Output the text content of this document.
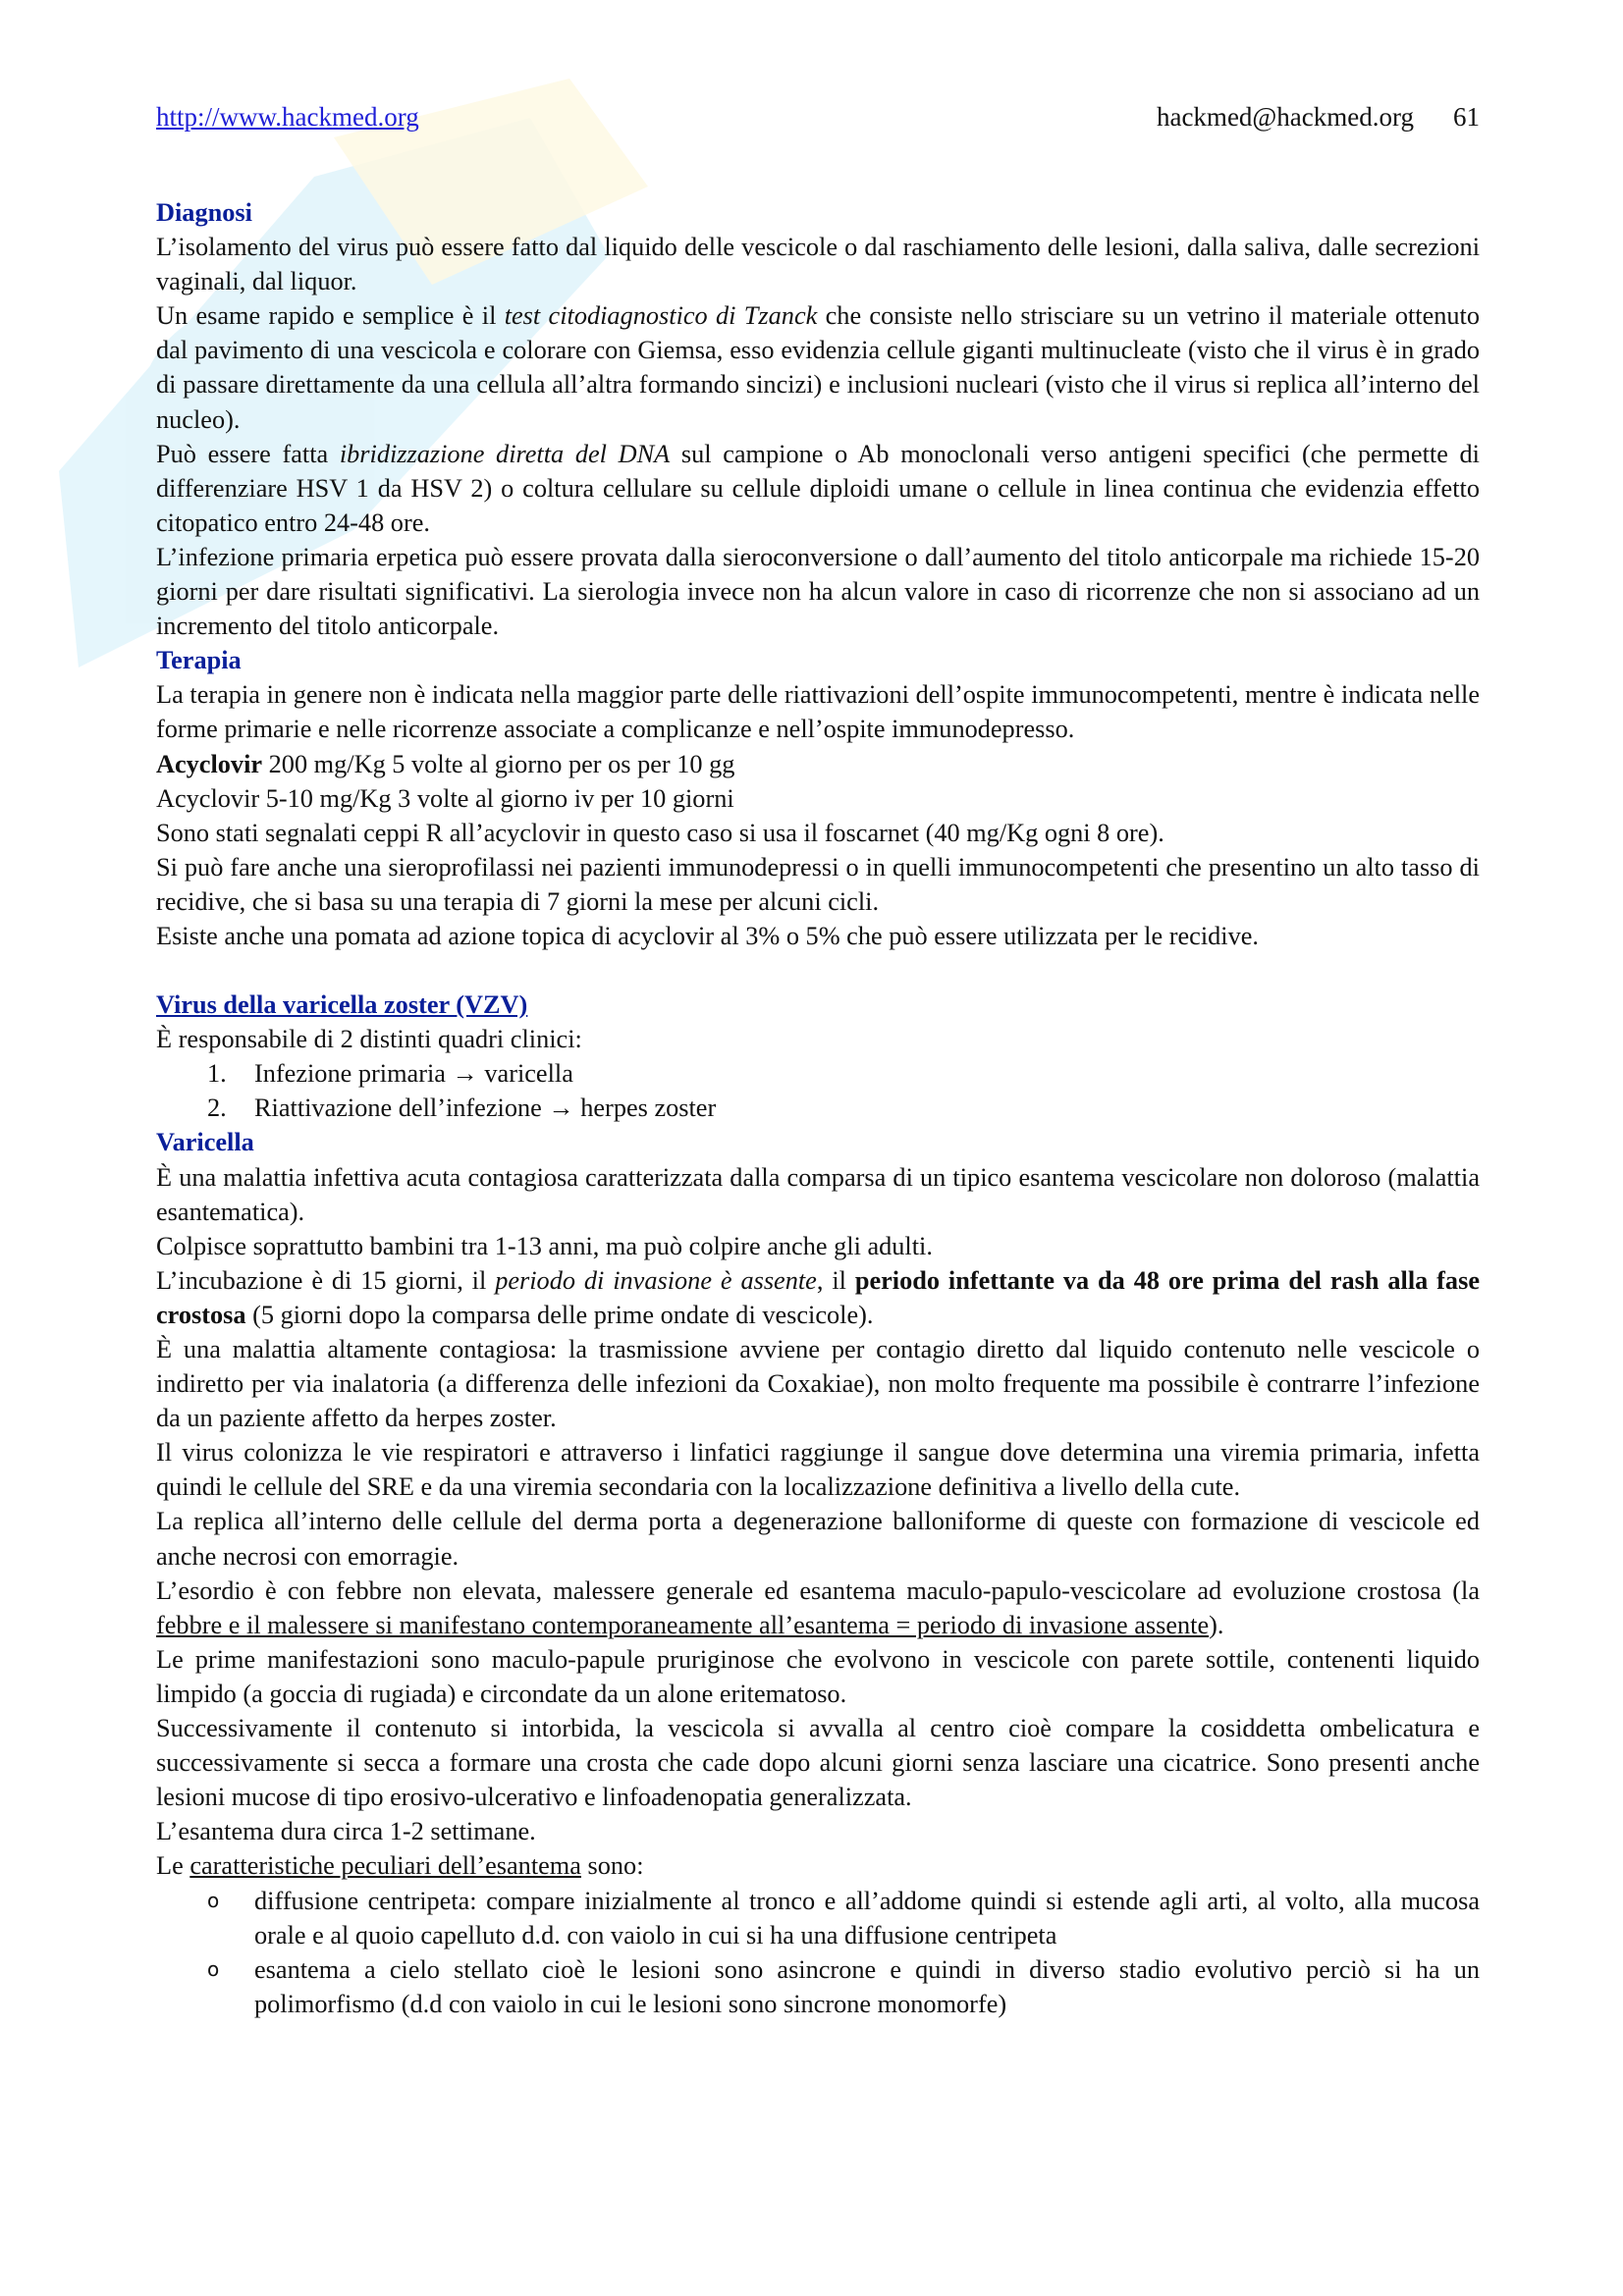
http://www.hackmed.org	hackmed@hackmed.org 61

Diagnosi

L’isolamento del virus può essere fatto dal liquido delle vescicole o dal raschiamento delle lesioni, dalla saliva, dalle secrezioni vaginali, dal liquor.

Un esame rapido e semplice è il test citodiagnostico di Tzanck che consiste nello strisciare su un vetrino il materiale ottenuto dal pavimento di una vescicola e colorare con Giemsa, esso evidenzia cellule giganti multinucleate (visto che il virus è in grado di passare direttamente da una cellula all’altra formando sincizi) e inclusioni nucleari (visto che il virus si replica all’interno del nucleo).

Può essere fatta ibridizzazione diretta del DNA sul campione o Ab monoclonali verso antigeni specifici (che permette di differenziare HSV 1 da HSV 2) o coltura cellulare su cellule diploidi umane o cellule in linea continua che evidenzia effetto citopatico entro 24-48 ore.

L’infezione primaria erpetica può essere provata dalla sieroconversione o dall’aumento del titolo anticorpale ma richiede 15-20 giorni per dare risultati significativi. La sierologia invece non ha alcun valore in caso di ricorrenze che non si associano ad un incremento del titolo anticorpale.

Terapia

La terapia in genere non è indicata nella maggior parte delle riattivazioni dell’ospite immunocompetenti, mentre è indicata nelle forme primarie e nelle ricorrenze associate a complicanze e nell’ospite immunodepresso.

Acyclovir 200 mg/Kg 5 volte al giorno per os per 10 gg

Acyclovir 5-10 mg/Kg 3 volte al giorno iv per 10 giorni

Sono stati segnalati ceppi R all’acyclovir in questo caso si usa il foscarnet (40 mg/Kg ogni 8 ore).

Si può fare anche una sieroprofilassi nei pazienti immunodepressi o in quelli immunocompetenti che presentino un alto tasso di recidive, che si basa su una terapia di 7 giorni la mese per alcuni cicli.

Esiste anche una pomata ad azione topica di acyclovir al 3% o 5% che può essere utilizzata per le recidive.

Virus della varicella zoster (VZV)

È responsabile di 2 distinti quadri clinici:

1. Infezione primaria → varicella
2. Riattivazione dell’infezione → herpes zoster

Varicella

È una malattia infettiva acuta contagiosa caratterizzata dalla comparsa di un tipico esantema vescicolare non doloroso (malattia esantematica).

Colpisce soprattutto bambini tra 1-13 anni, ma può colpire anche gli adulti.

L’incubazione è di 15 giorni, il periodo di invasione è assente, il periodo infettante va da 48 ore prima del rash alla fase crostosa (5 giorni dopo la comparsa delle prime ondate di vescicole).

È una malattia altamente contagiosa: la trasmissione avviene per contagio diretto dal liquido contenuto nelle vescicole o indiretto per via inalatoria (a differenza delle infezioni da Coxakiae), non molto frequente ma possibile è contrarre l’infezione da un paziente affetto da herpes zoster.

Il virus colonizza le vie respiratori e attraverso i linfatici raggiunge il sangue dove determina una viremia primaria, infetta quindi le cellule del SRE e da una viremia secondaria con la localizzazione definitiva a livello della cute.

La replica all’interno delle cellule del derma porta a degenerazione balloniforme di queste con formazione di vescicole ed anche necrosi con emorragie.

L’esordio è con febbre non elevata, malessere generale ed esantema maculo-papulo-vescicolare ad evoluzione crostosa (la febbre e il malessere si manifestano contemporaneamente all’esantema = periodo di invasione assente).

Le prime manifestazioni sono maculo-papule pruriginose che evolvono in vescicole con parete sottile, contenenti liquido limpido (a goccia di rugiada) e circondate da un alone eritematoso.

Successivamente il contenuto si intorbida, la vescicola si avvalla al centro cioè compare la cosiddetta ombelicatura e successivamente si secca a formare una crosta che cade dopo alcuni giorni senza lasciare una cicatrice. Sono presenti anche lesioni mucose di tipo erosivo-ulcerativo e linfoadenopatia generalizzata.

L’esantema dura circa 1-2 settimane.

Le caratteristiche peculiari dell’esantema sono:

o diffusione centripeta: compare inizialmente al tronco e all’addome quindi si estende agli arti, al volto, alla mucosa orale e al quoio capelluto d.d. con vaiolo in cui si ha una diffusione centripeta
o esantema a cielo stellato cioè le lesioni sono asincrone e quindi in diverso stadio evolutivo perciò si ha un polimorfismo (d.d con vaiolo in cui le lesioni sono sincrone monomorfe)
